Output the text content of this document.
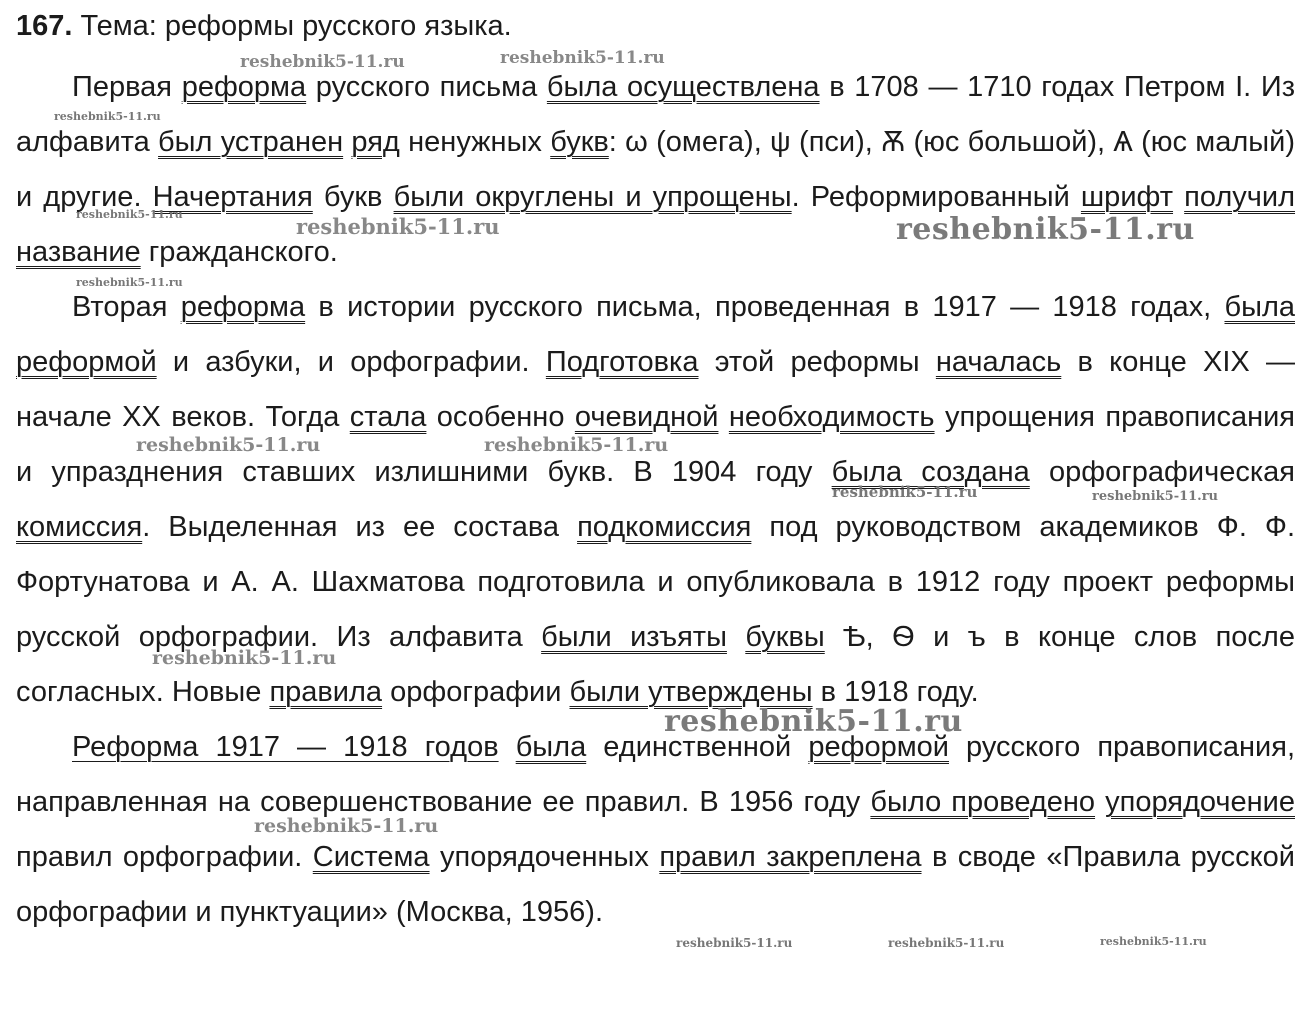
167. Тема: реформы русского языка.

Первая реформа русского письма была осуществлена в 1708 — 1710 годах Петром I. Из алфавита был устранен ряд ненужных букв: ω (омега), ψ (пси), Ѫ (юс большой), Ѧ (юс малый) и другие. Начертания букв были округлены и упрощены. Реформированный шрифт получил название гражданского.

Вторая реформа в истории русского письма, проведенная в 1917 — 1918 годах, была реформой и азбуки, и орфографии. Подготовка этой реформы началась в конце XIX — начале XX веков. Тогда стала особенно очевидной необходимость упрощения правописания и упразднения ставших излишними букв. В 1904 году была создана орфографическая комиссия. Выделенная из ее состава подкомиссия под руководством академиков Ф. Ф. Фортунатова и А. А. Шахматова подготовила и опубликовала в 1912 году проект реформы русской орфографии. Из алфавита были изъяты буквы Ѣ, Ѳ и ъ в конце слов после согласных. Новые правила орфографии были утверждены в 1918 году.

Реформа 1917 — 1918 годов была единственной реформой русского правописания, направленная на совершенствование ее правил. В 1956 году было проведено упорядочение правил орфографии. Система упорядоченных правил закреплена в своде «Правила русской орфографии и пунктуации» (Москва, 1956).

reshebnik5-11.ru	reshebnik5-11.ru
reshebnik5-11.ru
reshebnik5-11.ru	reshebnik5-11.ru	reshebnik5-11.ru
reshebnik5-11.ru
reshebnik5-11.ru	reshebnik5-11.ru
reshebnik5-11.ru	reshebnik5-11.ru
reshebnik5-11.ru
reshebnik5-11.ru
reshebnik5-11.ru
reshebnik5-11.ru	reshebnik5-11.ru	reshebnik5-11.ru
